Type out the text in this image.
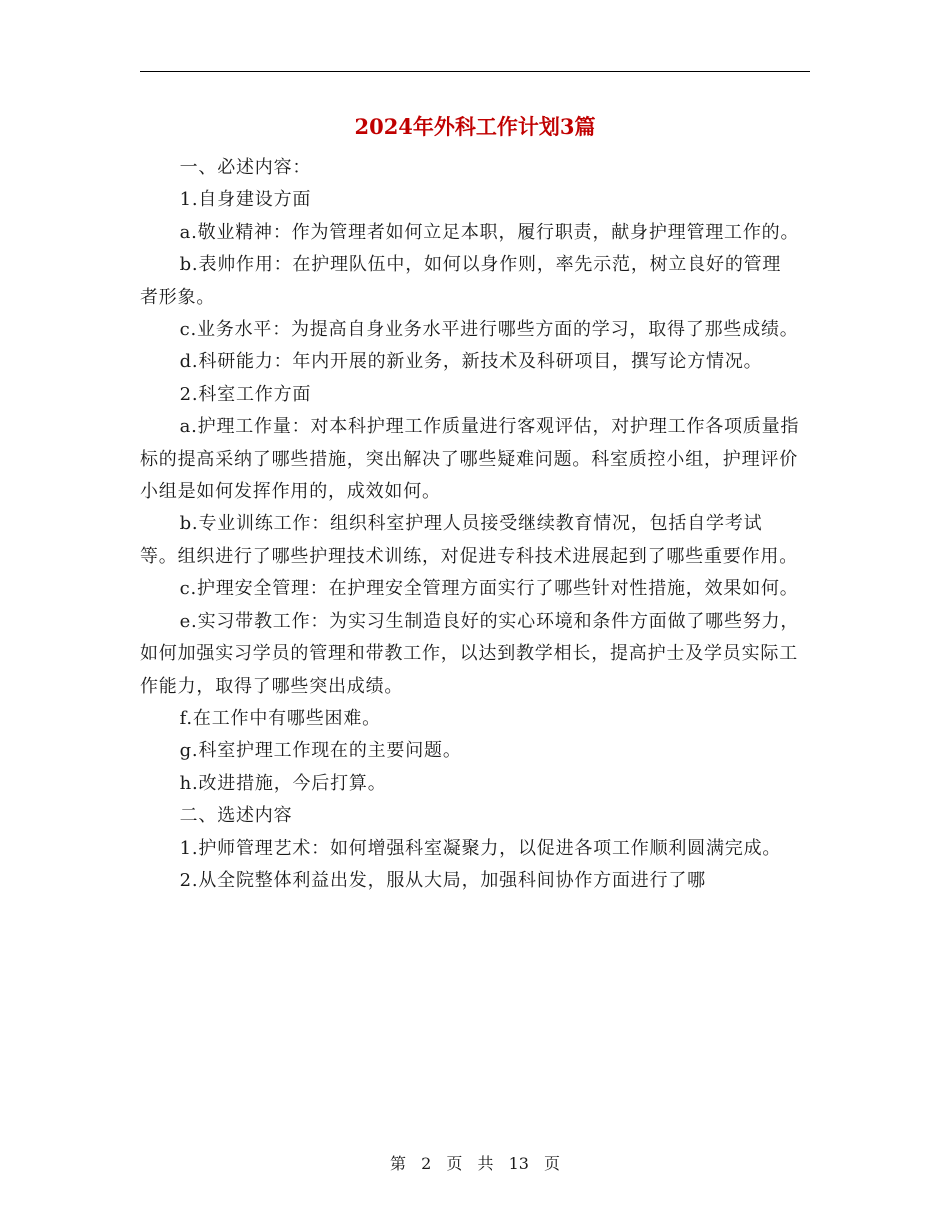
2024年外科工作计划3篇

一、必述内容：

1.自身建设方面

a.敬业精神：作为管理者如何立足本职，履行职责，献身护理管理工作的。

b.表帅作用：在护理队伍中，如何以身作则，率先示范，树立良好的管理者形象。

c.业务水平：为提高自身业务水平进行哪些方面的学习，取得了那些成绩。

d.科研能力：年内开展的新业务，新技术及科研项目，撰写论方情况。

2.科室工作方面

a.护理工作量：对本科护理工作质量进行客观评估，对护理工作各项质量指标的提高采纳了哪些措施，突出解决了哪些疑难问题。科室质控小组，护理评价小组是如何发挥作用的，成效如何。

b.专业训练工作：组织科室护理人员接受继续教育情况，包括自学考试等。组织进行了哪些护理技术训练，对促进专科技术进展起到了哪些重要作用。

c.护理安全管理：在护理安全管理方面实行了哪些针对性措施，效果如何。

e.实习带教工作：为实习生制造良好的实心环境和条件方面做了哪些努力，如何加强实习学员的管理和带教工作，以达到教学相长，提高护士及学员实际工作能力，取得了哪些突出成绩。

f.在工作中有哪些困难。

g.科室护理工作现在的主要问题。

h.改进措施，今后打算。

二、选述内容

1.护师管理艺术：如何增强科室凝聚力，以促进各项工作顺利圆满完成。

2.从全院整体利益出发，服从大局，加强科间协作方面进行了哪

第 2 页 共 13 页
